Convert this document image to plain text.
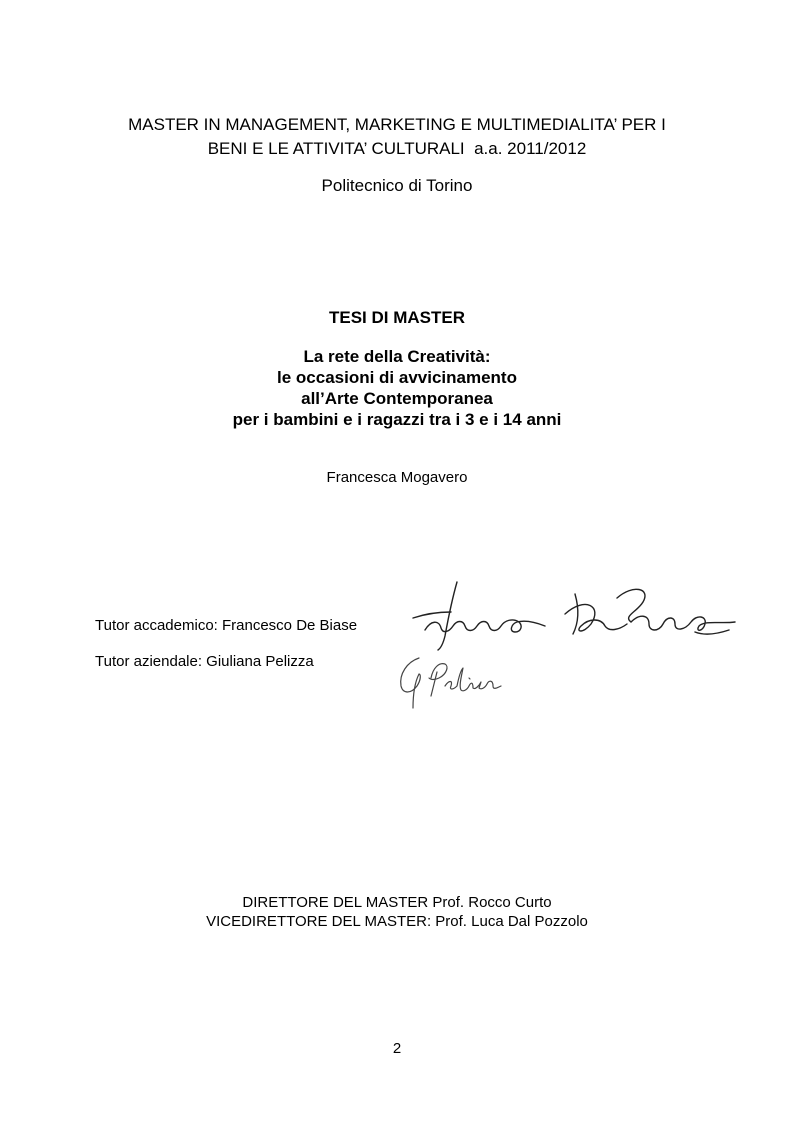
MASTER IN MANAGEMENT, MARKETING E MULTIMEDIALITA’ PER I
BENI E LE ATTIVITA’ CULTURALI  a.a. 2011/2012
Politecnico di Torino
TESI DI MASTER
La rete della Creatività:
le occasioni di avvicinamento
all’Arte Contemporanea
per i bambini e i ragazzi tra i 3 e i 14 anni
Francesca Mogavero
Tutor accademico: Francesco De Biase
Tutor aziendale: Giuliana Pelizza
DIRETTORE DEL MASTER Prof. Rocco Curto
VICEDIRETTORE DEL MASTER: Prof. Luca Dal Pozzolo
2
